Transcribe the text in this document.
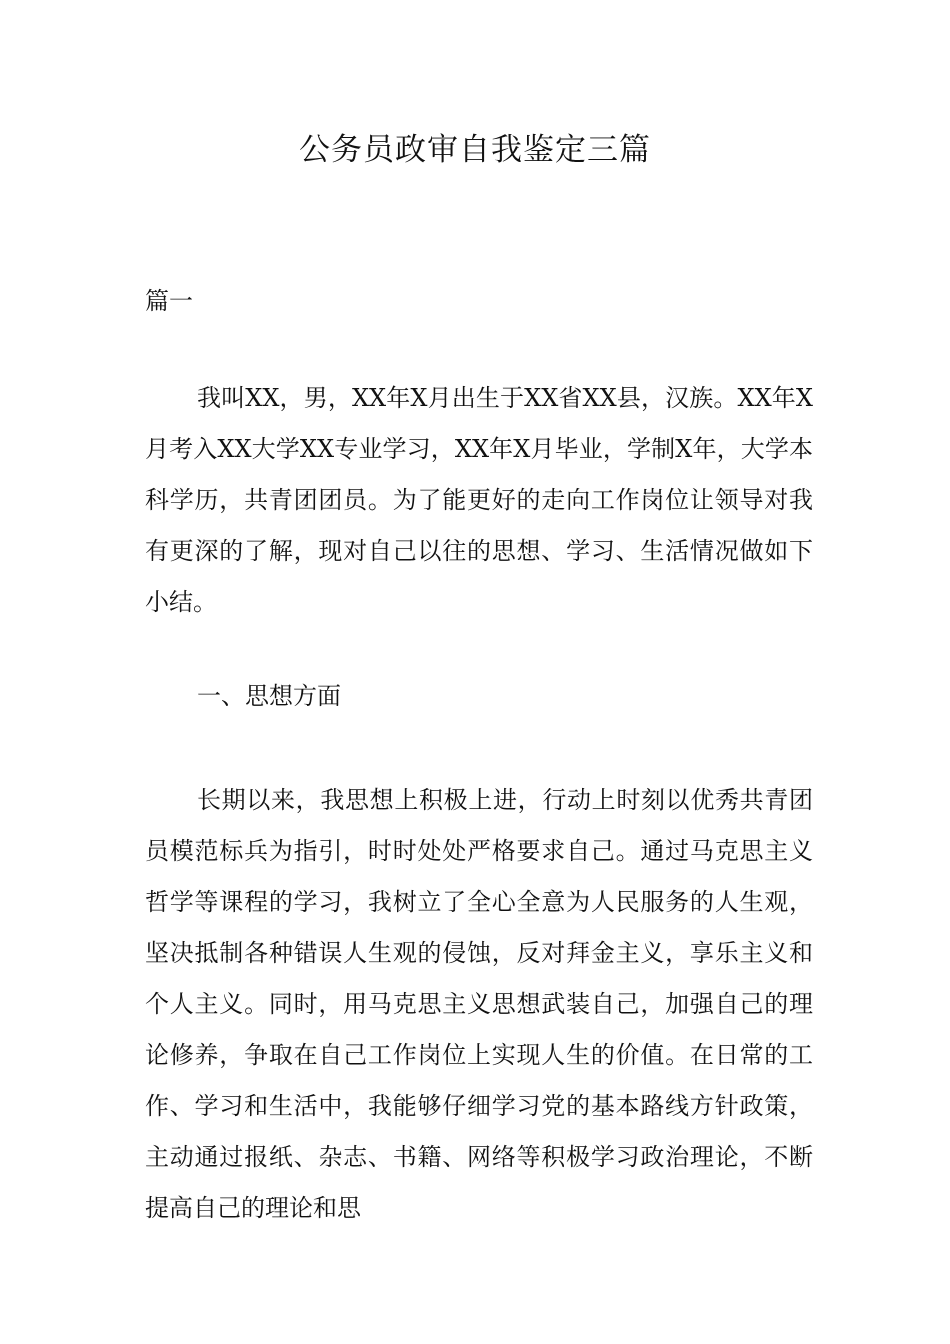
公务员政审自我鉴定三篇

篇一

我叫XX，男，XX年X月出生于XX省XX县，汉族。XX年X月考入XX大学XX专业学习，XX年X月毕业，学制X年，大学本科学历，共青团团员。为了能更好的走向工作岗位让领导对我有更深的了解，现对自己以往的思想、学习、生活情况做如下小结。

一、思想方面

长期以来，我思想上积极上进，行动上时刻以优秀共青团员模范标兵为指引，时时处处严格要求自己。通过马克思主义哲学等课程的学习，我树立了全心全意为人民服务的人生观，坚决抵制各种错误人生观的侵蚀，反对拜金主义，享乐主义和个人主义。同时，用马克思主义思想武装自己，加强自己的理论修养，争取在自己工作岗位上实现人生的价值。在日常的工作、学习和生活中，我能够仔细学习党的基本路线方针政策，主动通过报纸、杂志、书籍、网络等积极学习政治理论，不断提高自己的理论和思
